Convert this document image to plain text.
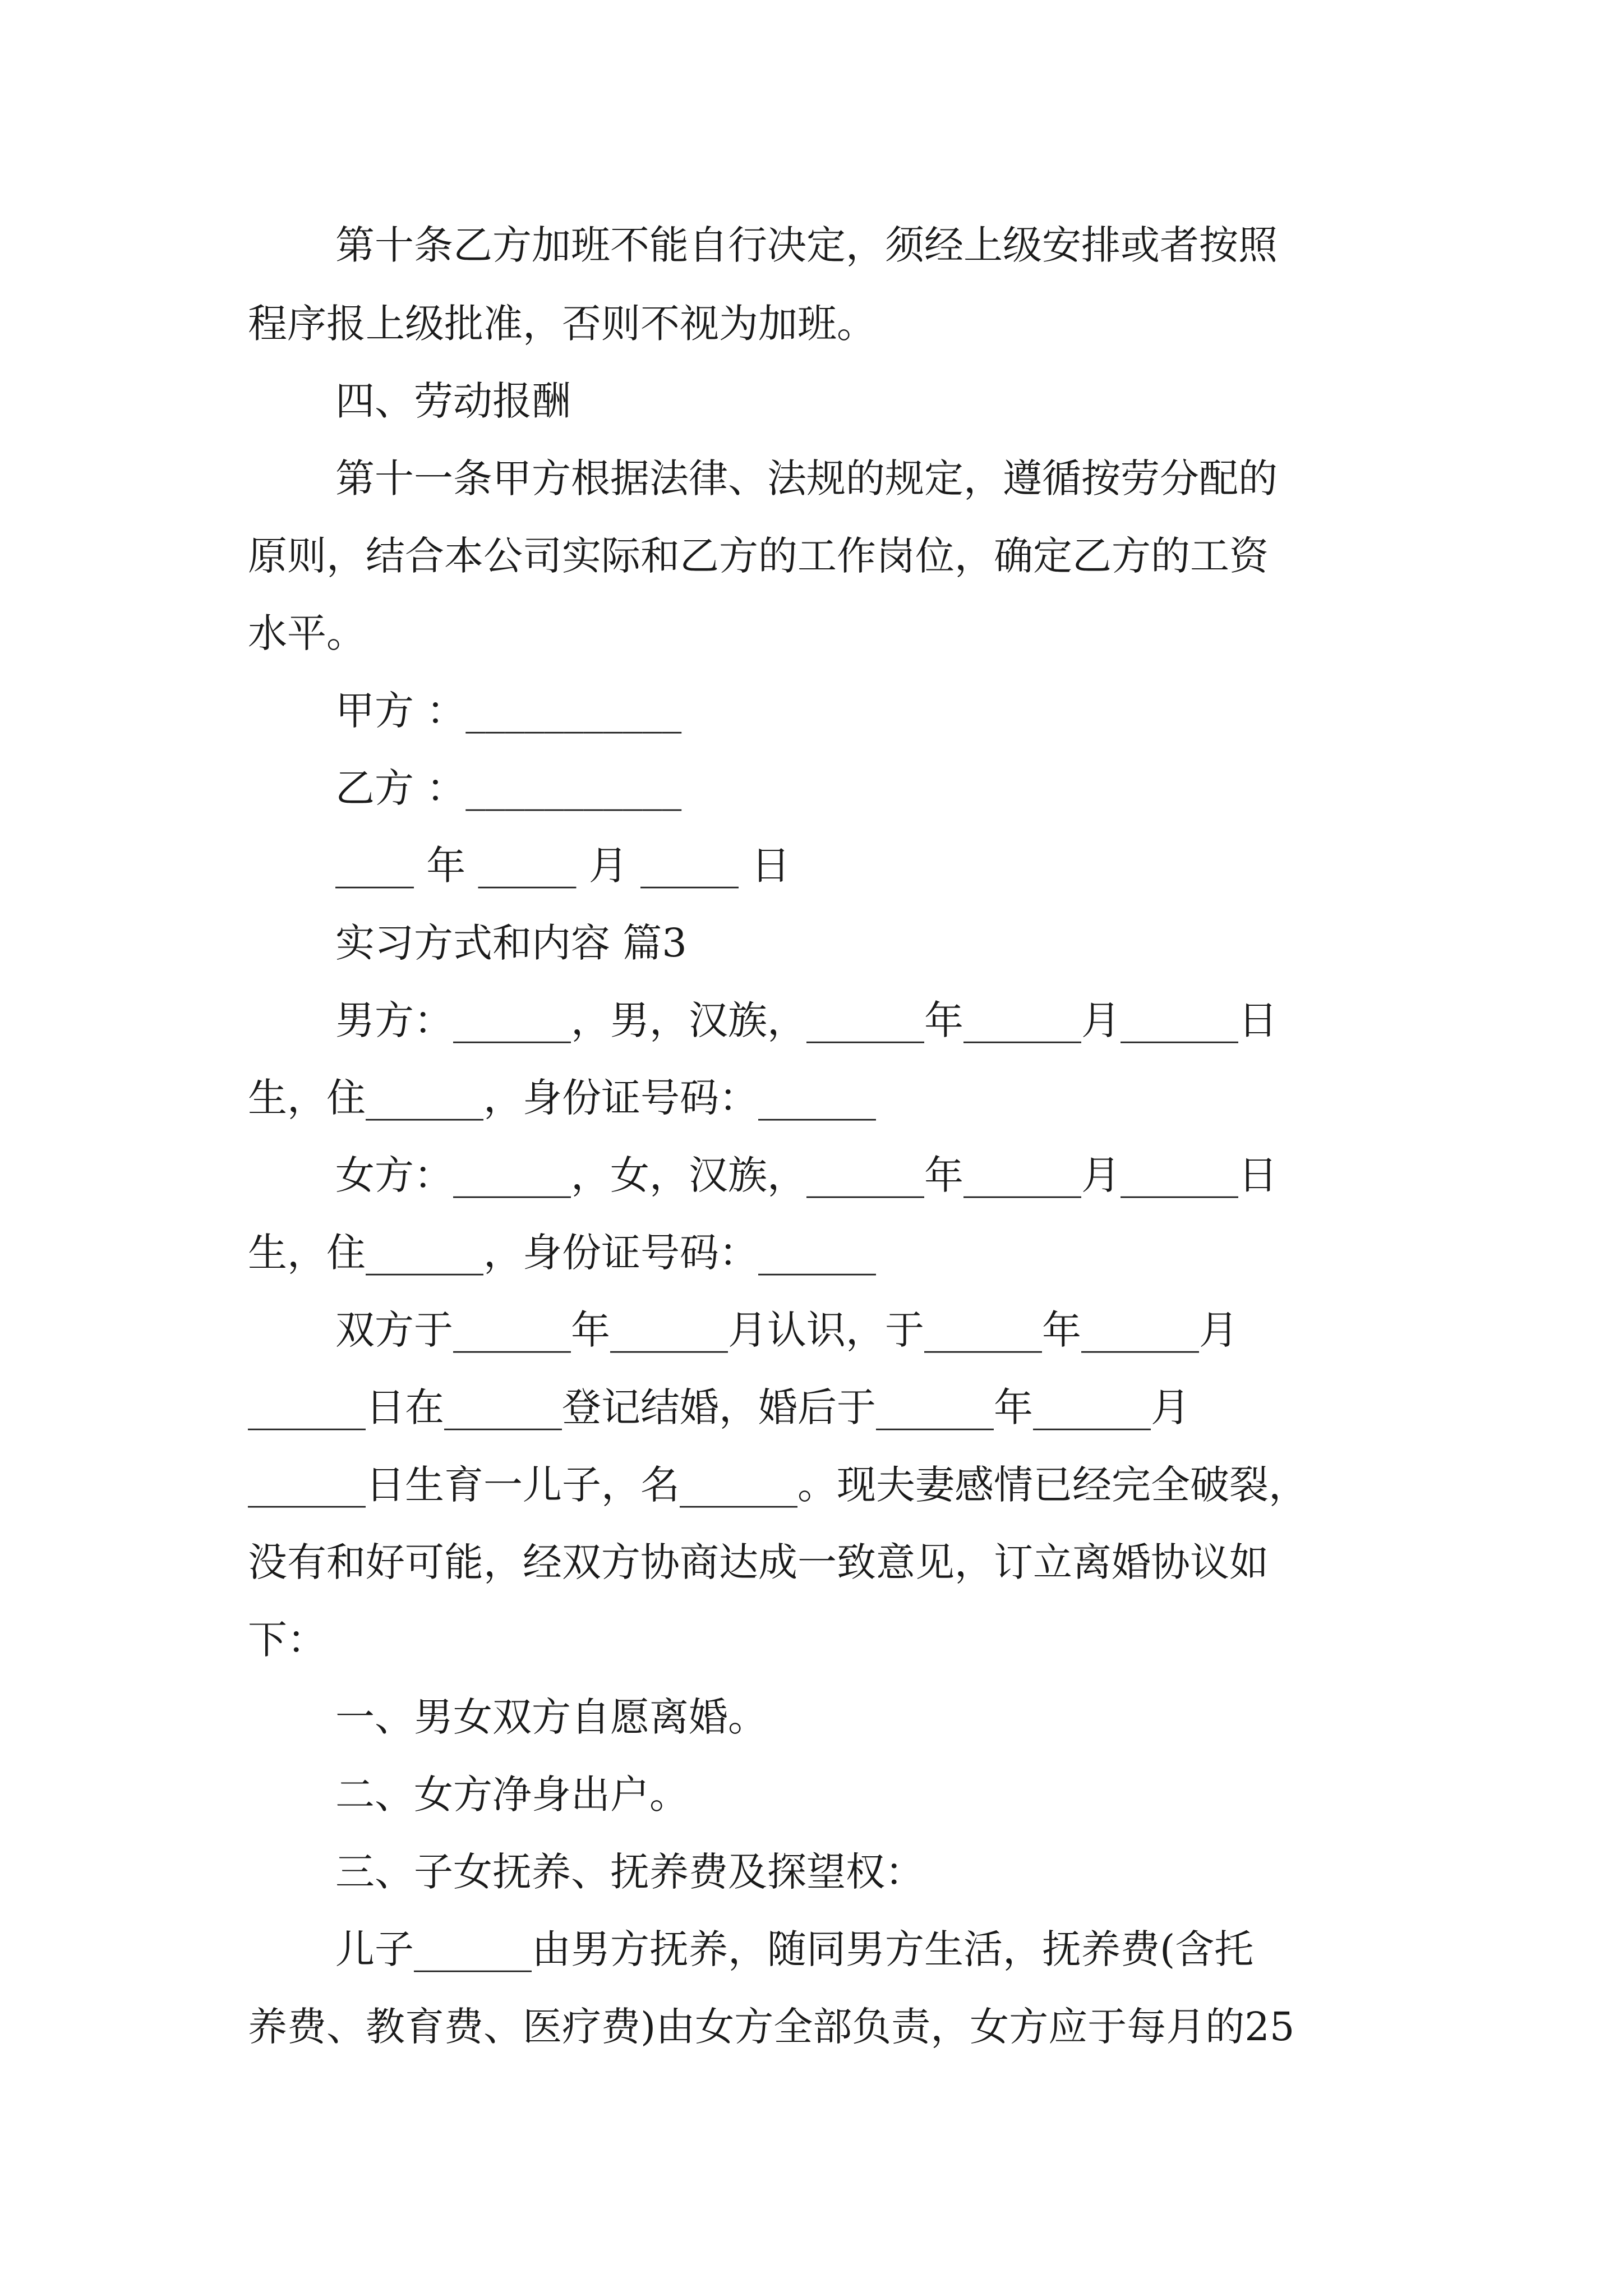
第十条乙方加班不能自行决定，须经上级安排或者按照

程序报上级批准，否则不视为加班。

四、劳动报酬

第十一条甲方根据法律、法规的规定，遵循按劳分配的

原则，结合本公司实际和乙方的工作岗位，确定乙方的工资

水平。

甲方 ：___________

乙方 ：___________

____ 年 _____ 月 _____ 日

实习方式和内容 篇3

男方：______，男，汉族，______年______月______日

生，住______，身份证号码：______

女方：______，女，汉族，______年______月______日

生，住______，身份证号码：______

双方于______年______月认识，于______年______月

______日在______登记结婚，婚后于______年______月

______日生育一儿子，名______。现夫妻感情已经完全破裂，

没有和好可能，经双方协商达成一致意见，订立离婚协议如

下：

一、男女双方自愿离婚。

二、女方净身出户。

三、子女抚养、抚养费及探望权：

儿子______由男方抚养，随同男方生活，抚养费(含托

养费、教育费、医疗费)由女方全部负责，女方应于每月的25
